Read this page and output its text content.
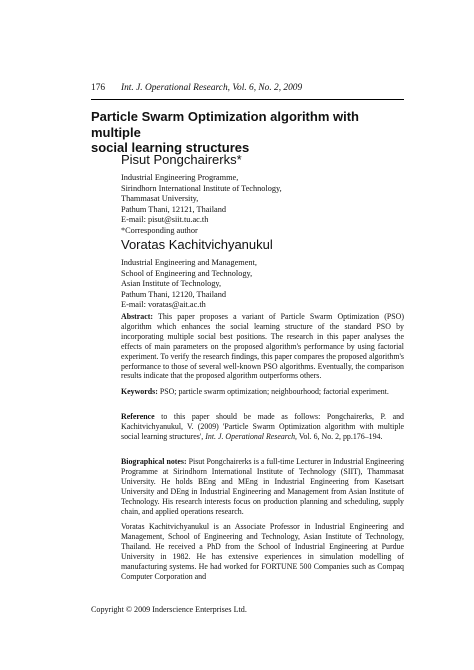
176 Int. J. Operational Research, Vol. 6, No. 2, 2009
Particle Swarm Optimization algorithm with multiple
social learning structures
Pisut Pongchairerks*
Industrial Engineering Programme,
Sirindhorn International Institute of Technology,
Thammasat University,
Pathum Thani, 12121, Thailand
E-mail: pisut@siit.tu.ac.th
*Corresponding author
Voratas Kachitvichyanukul
Industrial Engineering and Management,
School of Engineering and Technology,
Asian Institute of Technology,
Pathum Thani, 12120, Thailand
E-mail: voratas@ait.ac.th
Abstract: This paper proposes a variant of Particle Swarm Optimization (PSO) algorithm which enhances the social learning structure of the standard PSO by incorporating multiple social best positions. The research in this paper analyses the effects of main parameters on the proposed algorithm's performance by using factorial experiment. To verify the research findings, this paper compares the proposed algorithm's performance to those of several well-known PSO algorithms. Eventually, the comparison results indicate that the proposed algorithm outperforms others.
Keywords: PSO; particle swarm optimization; neighbourhood; factorial experiment.
Reference to this paper should be made as follows: Pongchairerks, P. and Kachitvichyanukul, V. (2009) 'Particle Swarm Optimization algorithm with multiple social learning structures', Int. J. Operational Research, Vol. 6, No. 2, pp.176–194.
Biographical notes: Pisut Pongchairerks is a full-time Lecturer in Industrial Engineering Programme at Sirindhorn International Institute of Technology (SIIT), Thammasat University. He holds BEng and MEng in Industrial Engineering from Kasetsart University and DEng in Industrial Engineering and Management from Asian Institute of Technology. His research interests focus on production planning and scheduling, supply chain, and applied operations research.
Voratas Kachitvichyanukul is an Associate Professor in Industrial Engineering and Management, School of Engineering and Technology, Asian Institute of Technology, Thailand. He received a PhD from the School of Industrial Engineering at Purdue University in 1982. He has extensive experiences in simulation modelling of manufacturing systems. He had worked for FORTUNE 500 Companies such as Compaq Computer Corporation and
Copyright © 2009 Inderscience Enterprises Ltd.
